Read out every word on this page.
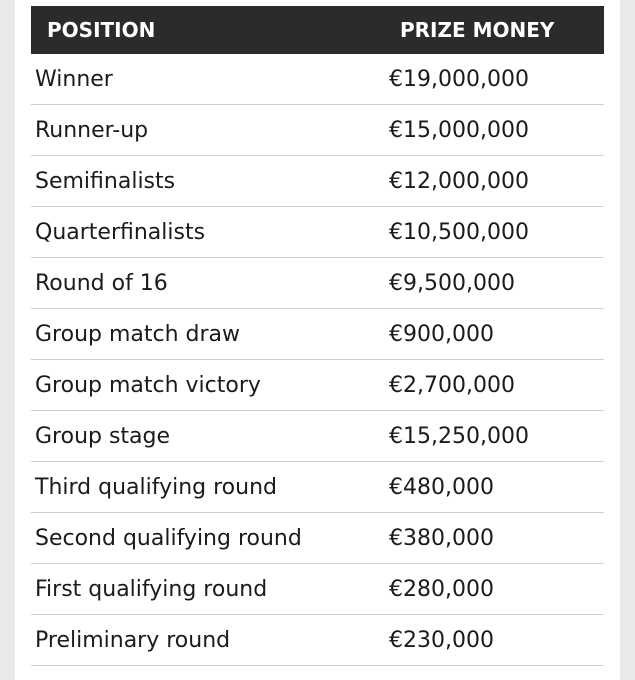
POSITION	PRIZE MONEY
Winner	€19,000,000
Runner-up	€15,000,000
Semifinalists	€12,000,000
Quarterfinalists	€10,500,000
Round of 16	€9,500,000
Group match draw	€900,000
Group match victory	€2,700,000
Group stage	€15,250,000
Third qualifying round	€480,000
Second qualifying round	€380,000
First qualifying round	€280,000
Preliminary round	€230,000
